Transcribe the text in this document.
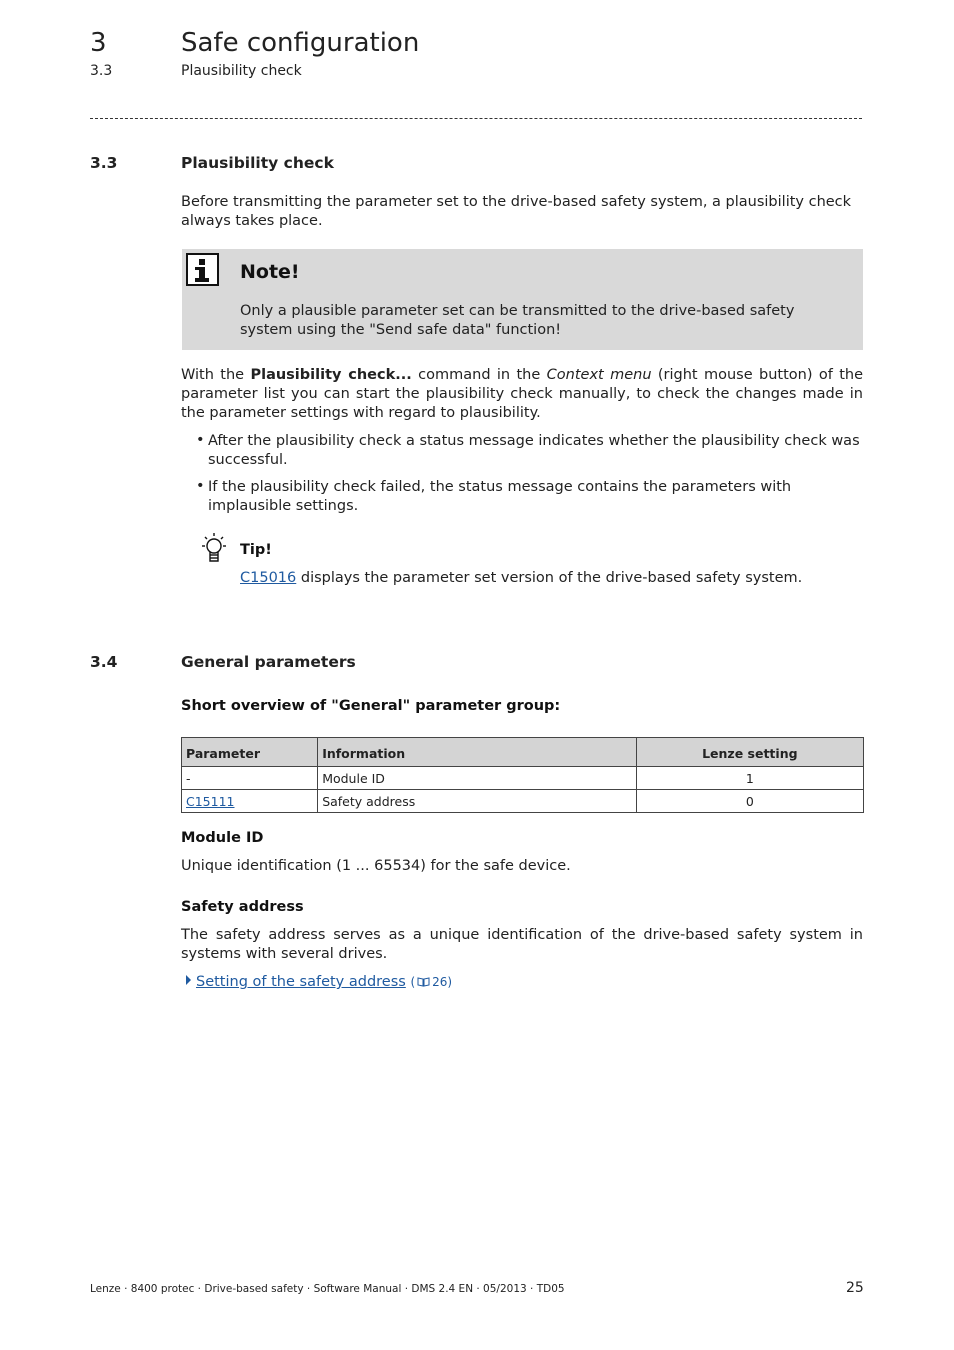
3	Safe configuration
3.3	Plausibility check
3.3	Plausibility check
Before transmitting the parameter set to the drive-based safety system, a plausibility check always takes place.
Note!
Only a plausible parameter set can be transmitted to the drive-based safety system using the "Send safe data" function!
With the Plausibility check... command in the Context menu (right mouse button) of the parameter list you can start the plausibility check manually, to check the changes made in the parameter settings with regard to plausibility.
• After the plausibility check a status message indicates whether the plausibility check was successful.
• If the plausibility check failed, the status message contains the parameters with implausible settings.
Tip!
C15016 displays the parameter set version of the drive-based safety system.
3.4	General parameters
Short overview of "General" parameter group:
Parameter	Information	Lenze setting
-	Module ID	1
C15111	Safety address	0
Module ID
Unique identification (1 ... 65534) for the safe device.
Safety address
The safety address serves as a unique identification of the drive-based safety system in systems with several drives.
Setting of the safety address ( 26)
Lenze · 8400 protec · Drive-based safety · Software Manual · DMS 2.4 EN · 05/2013 · TD05	25
